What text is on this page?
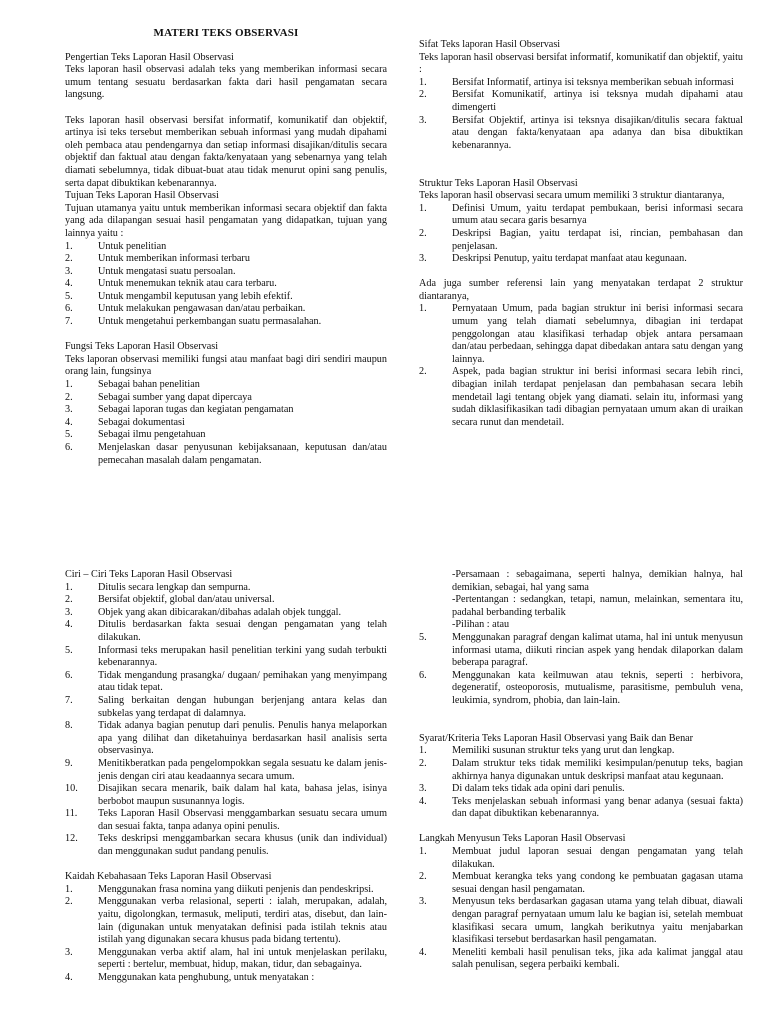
MATERI TEKS OBSERVASI
Pengertian Teks Laporan Hasil Observasi

Teks laporan hasil observasi adalah teks yang memberikan informasi secara umum tentang sesuatu berdasarkan fakta dari hasil pengamatan secara langsung.

Teks laporan hasil observasi bersifat informatif, komunikatif dan objektif, artinya isi teks tersebut memberikan sebuah informasi yang mudah dipahami oleh pembaca atau pendengarnya dan setiap informasi disajikan/ditulis secara objektif dan faktual atau dengan fakta/kenyataan yang sebenarnya yang telah diamati sebelumnya, tidak dibuat-buat atau tidak menurut opini sang penulis, serta dapat dibuktikan kebenarannya.

Tujuan Teks Laporan Hasil Observasi

Tujuan utamanya yaitu untuk memberikan informasi secara objektif dan fakta yang ada dilapangan sesuai hasil pengamatan yang didapatkan, tujuan yang lainnya yaitu :

1. Untuk penelitian
2. Untuk memberikan informasi terbaru
3. Untuk mengatasi suatu persoalan.
4. Untuk menemukan teknik atau cara terbaru.
5. Untuk mengambil keputusan yang lebih efektif.
6. Untuk melakukan pengawasan dan/atau perbaikan.
7. Untuk mengetahui perkembangan suatu permasalahan.
Fungsi Teks Laporan Hasil Observasi

Teks laporan observasi memiliki fungsi atau manfaat bagi diri sendiri maupun orang lain, fungsinya

1. Sebagai bahan penelitian
2. Sebagai sumber yang dapat dipercaya
3. Sebagai laporan tugas dan kegiatan pengamatan
4. Sebagai dokumentasi
5. Sebagai ilmu pengetahuan
6. Menjelaskan dasar penyusunan kebijaksanaan, keputusan dan/atau pemecahan masalah dalam pengamatan.
Sifat Teks laporan Hasil Observasi

Teks laporan hasil observasi bersifat informatif, komunikatif dan objektif, yaitu :

1. Bersifat Informatif, artinya isi teksnya memberikan sebuah informasi
2. Bersifat Komunikatif, artinya isi teksnya mudah dipahami atau dimengerti
3. Bersifat Objektif, artinya isi teksnya disajikan/ditulis secara faktual atau dengan fakta/kenyataan apa adanya dan bisa dibuktikan kebenarannya.
Struktur Teks Laporan Hasil Observasi

Teks laporan hasil observasi secara umum memiliki 3 struktur diantaranya,

1. Definisi Umum, yaitu terdapat pembukaan, berisi informasi secara umum atau secara garis besarnya
2. Deskripsi Bagian, yaitu terdapat isi, rincian, pembahasan dan penjelasan.
3. Deskripsi Penutup, yaitu terdapat manfaat atau kegunaan.

Ada juga sumber referensi lain yang menyatakan terdapat 2 struktur diantaranya,

1. Pernyataan Umum, pada bagian struktur ini berisi informasi secara umum yang telah diamati sebelumnya, dibagian ini terdapat penggolongan atau klasifikasi terhadap objek antara persamaan dan/atau perbedaan, sehingga dapat dibedakan antara satu dengan yang lainnya.
2. Aspek, pada bagian struktur ini berisi informasi secara lebih rinci, dibagian inilah terdapat penjelasan dan pembahasan secara lebih mendetail lagi tentang objek yang diamati. selain itu, informasi yang sudah diklasifikasikan tadi dibagian pernyataan umum akan di uraikan secara runut dan mendetail.
Ciri – Ciri Teks Laporan Hasil Observasi
1. Ditulis secara lengkap dan sempurna.
2. Bersifat objektif, global dan/atau universal.
3. Objek yang akan dibicarakan/dibahas adalah objek tunggal.
4. Ditulis berdasarkan fakta sesuai dengan pengamatan yang telah dilakukan.
5. Informasi teks merupakan hasil penelitian terkini yang sudah terbukti kebenarannya.
6. Tidak mengandung prasangka/ dugaan/ pemihakan yang menyimpang atau tidak tepat.
7. Saling berkaitan dengan hubungan berjenjang antara kelas dan subkelas yang terdapat di dalamnya.
8. Tidak adanya bagian penutup dari penulis. Penulis hanya melaporkan apa yang dilihat dan diketahuinya berdasarkan hasil analisis serta observasinya.
9. Menitikberatkan pada pengelompokkan segala sesuatu ke dalam jenis-jenis dengan ciri atau keadaannya secara umum.
10. Disajikan secara menarik, baik dalam hal kata, bahasa jelas, isinya berbobot maupun susunannya logis.
11. Teks Laporan Hasil Observasi menggambarkan sesuatu secara umum dan sesuai fakta, tanpa adanya opini penulis.
12. Teks deskripsi menggambarkan secara khusus (unik dan individual) dan menggunakan sudut pandang penulis.
Kaidah Kebahasaan Teks Laporan Hasil Observasi
1. Menggunakan frasa nomina yang diikuti penjenis dan pendeskripsi.
2. Menggunakan verba relasional, seperti : ialah, merupakan, adalah, yaitu, digolongkan, termasuk, meliputi, terdiri atas, disebut, dan lain-lain (digunakan untuk menyatakan definisi pada istilah teknis atau istilah yang digunakan secara khusus pada bidang tertentu).
3. Menggunakan verba aktif alam, hal ini untuk menjelaskan perilaku, seperti : bertelur, membuat, hidup, makan, tidur, dan sebagainya.
4. Menggunakan kata penghubung, untuk menyatakan :

-Persamaan : sebagaimana, seperti halnya, demikian halnya, hal demikian, sebagai, hal yang sama

-Pertentangan : sedangkan, tetapi, namun, melainkan, sementara itu, padahal berbanding terbalik

-Pilihan : atau

5. Menggunakan paragraf dengan kalimat utama, hal ini untuk menyusun informasi utama, diikuti rincian aspek yang hendak dilaporkan dalam beberapa paragraf.
6. Menggunakan kata keilmuwan atau teknis, seperti : herbivora, degeneratif, osteoporosis, mutualisme, parasitisme, pembuluh vena, leukimia, syndrom, phobia, dan lain-lain.
Syarat/Kriteria Teks Laporan Hasil Observasi yang Baik dan Benar
1. Memiliki susunan struktur teks yang urut dan lengkap.
2. Dalam struktur teks tidak memiliki kesimpulan/penutup teks, bagian akhirnya hanya digunakan untuk deskripsi manfaat atau kegunaan.
3. Di dalam teks tidak ada opini dari penulis.
4. Teks menjelaskan sebuah informasi yang benar adanya (sesuai fakta) dan dapat dibuktikan kebenarannya.
Langkah Menyusun Teks Laporan Hasil Observasi
1. Membuat judul laporan sesuai dengan pengamatan yang telah dilakukan.
2. Membuat kerangka teks yang condong ke pembuatan gagasan utama sesuai dengan hasil pengamatan.
3. Menyusun teks berdasarkan gagasan utama yang telah dibuat, diawali dengan paragraf pernyataan umum lalu ke bagian isi, setelah membuat klasifikasi secara umum, langkah berikutnya yaitu menjabarkan klasifikasi tersebut berdasarkan hasil pengamatan.
4. Meneliti kembali hasil penulisan teks, jika ada kalimat janggal atau salah penulisan, segera perbaiki kembali.
